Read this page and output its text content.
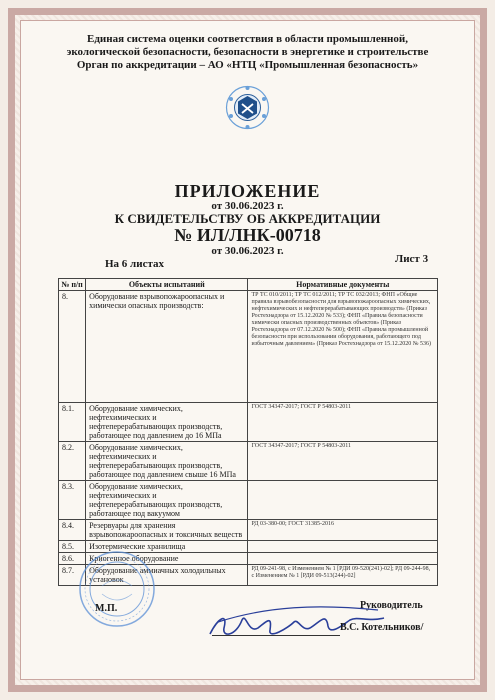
Единая система оценки соответствия в области промышленной,
экологической безопасности, безопасности в энергетике и строительстве
Орган по аккредитации – АО «НТЦ «Промышленная безопасность»
ПРИЛОЖЕНИЕ
от 30.06.2023 г.
К СВИДЕТЕЛЬСТВУ ОБ АККРЕДИТАЦИИ
№ ИЛ/ЛНК-00718
от 30.06.2023 г.
На 6 листах	Лист 3
№ п/п	Объекты испытаний	Нормативные документы
8.	Оборудование взрывопожароопасных и химически опасных производств:	ТР ТС 010/2011; ТР ТС 012/2011; ТР ТС 032/2013; ФНП «Общие правила взрывобезопасности для взрывопожароопасных химических, нефтехимических и нефтеперерабатывающих производств» (Приказ Ростехнадзора от 15.12.2020 № 533); ФНП «Правила безопасности химически опасных производственных объектов» (Приказ Ростехнадзора от 07.12.2020 № 500); ФНП «Правила промышленной безопасности при использовании оборудования, работающего под избыточным давлением» (Приказ Ростехнадзора от 15.12.2020 № 536)
8.1.	Оборудование химических, нефтехимических и нефтеперерабатывающих производств, работающее под давлением до 16 МПа	ГОСТ 34347-2017; ГОСТ Р 54803-2011
8.2.	Оборудование химических, нефтехимических и нефтеперерабатывающих производств, работающее под давлением свыше 16 МПа	ГОСТ 34347-2017; ГОСТ Р 54803-2011
8.3.	Оборудование химических, нефтехимических и нефтеперерабатывающих производств, работающее под вакуумом	
8.4.	Резервуары для хранения взрывопожароопасных и токсичных веществ	РД 03-380-00; ГОСТ 31385-2016
8.5.	Изотермические хранилища	
8.6.	Криогенное оборудование	
8.7.	Оборудование аммиачных холодильных установок	РД 09-241-98, с Изменением № 1 [РДИ 09-520(241)-02]; РД 09-244-98, с Изменением № 1 [РДИ 09-513(244)-02]
М.П.	Руководитель
В.С. Котельников/
